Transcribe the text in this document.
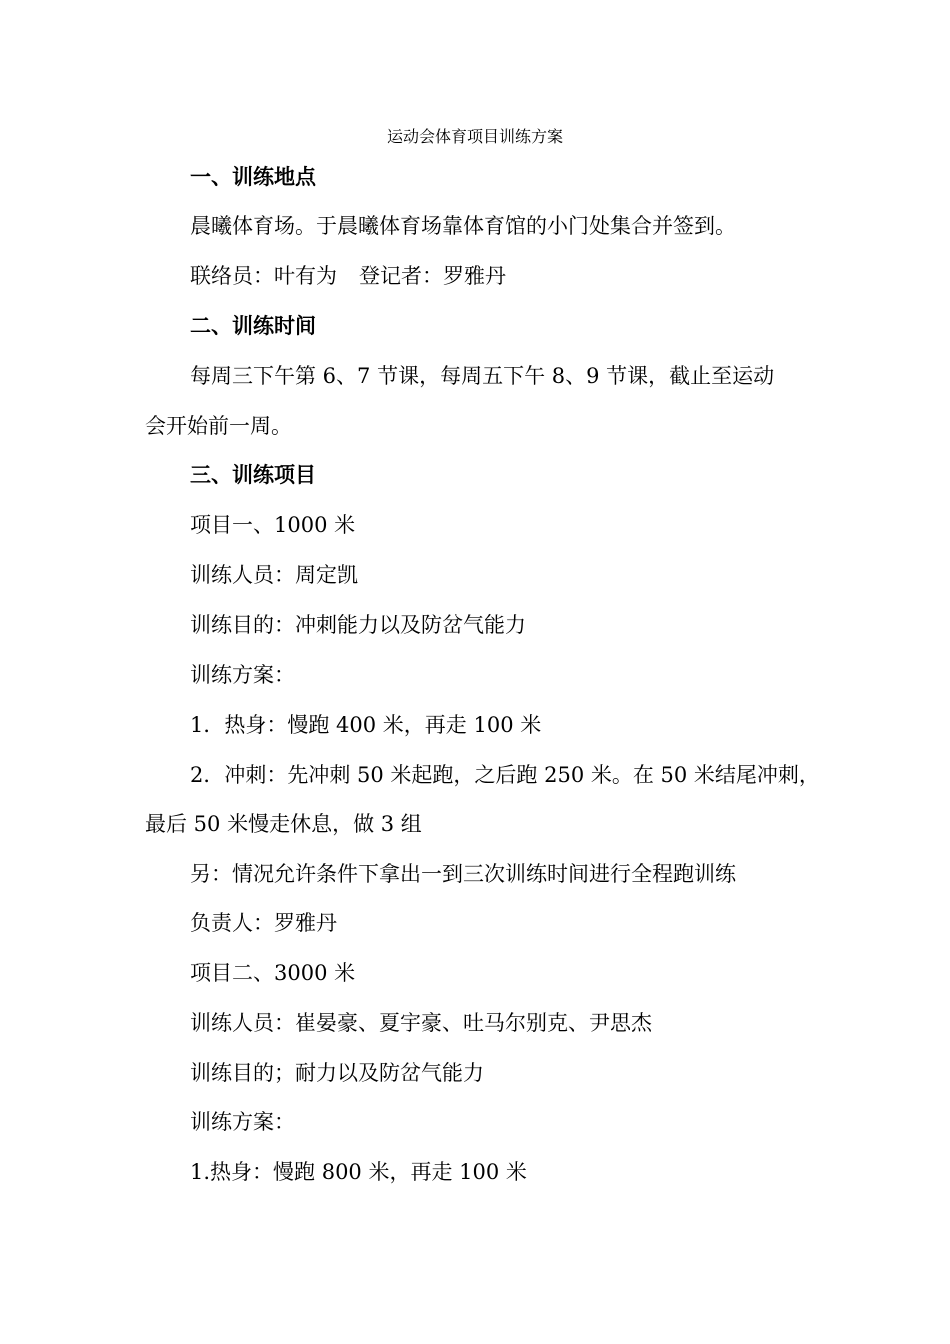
运动会体育项目训练方案
一、训练地点
晨曦体育场。于晨曦体育场靠体育馆的小门处集合并签到。
联络员：叶有为 登记者：罗雅丹
二、训练时间
每周三下午第 6、7 节课，每周五下午 8、9 节课，截止至运动
会开始前一周。
三、训练项目
项目一、1000 米
训练人员：周定凯
训练目的：冲刺能力以及防岔气能力
训练方案：
1．热身：慢跑 400 米，再走 100 米
2．冲刺：先冲刺 50 米起跑，之后跑 250 米。在 50 米结尾冲刺，
最后 50 米慢走休息，做 3 组
另：情况允许条件下拿出一到三次训练时间进行全程跑训练
负责人：罗雅丹
项目二、3000 米
训练人员：崔晏豪、夏宇豪、吐马尔别克、尹思杰
训练目的；耐力以及防岔气能力
训练方案：
1.热身：慢跑 800 米，再走 100 米
